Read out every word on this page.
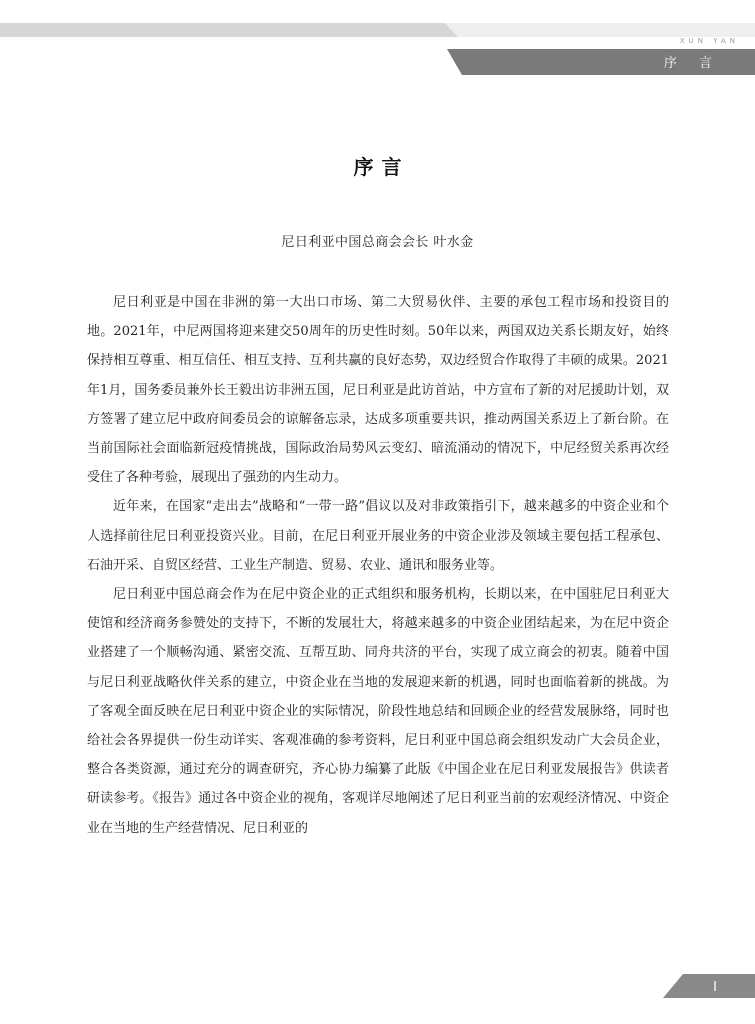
XUN YAN
序 言
序言
尼日利亚中国总商会会长 叶水金

尼日利亚是中国在非洲的第一大出口市场、第二大贸易伙伴、主要的承包工程市场和投资目的地。2021年，中尼两国将迎来建交50周年的历史性时刻。50年以来，两国双边关系长期友好，始终保持相互尊重、相互信任、相互支持、互利共赢的良好态势，双边经贸合作取得了丰硕的成果。2021年1月，国务委员兼外长王毅出访非洲五国，尼日利亚是此访首站，中方宣布了新的对尼援助计划，双方签署了建立尼中政府间委员会的谅解备忘录，达成多项重要共识，推动两国关系迈上了新台阶。在当前国际社会面临新冠疫情挑战，国际政治局势风云变幻、暗流涌动的情况下，中尼经贸关系再次经受住了各种考验，展现出了强劲的内生动力。

近年来，在国家“走出去”战略和“一带一路”倡议以及对非政策指引下，越来越多的中资企业和个人选择前往尼日利亚投资兴业。目前，在尼日利亚开展业务的中资企业涉及领域主要包括工程承包、石油开采、自贸区经营、工业生产制造、贸易、农业、通讯和服务业等。

尼日利亚中国总商会作为在尼中资企业的正式组织和服务机构，长期以来，在中国驻尼日利亚大使馆和经济商务参赞处的支持下，不断的发展壮大，将越来越多的中资企业团结起来，为在尼中资企业搭建了一个顺畅沟通、紧密交流、互帮互助、同舟共济的平台，实现了成立商会的初衷。随着中国与尼日利亚战略伙伴关系的建立，中资企业在当地的发展迎来新的机遇，同时也面临着新的挑战。为了客观全面反映在尼日利亚中资企业的实际情况，阶段性地总结和回顾企业的经营发展脉络，同时也给社会各界提供一份生动详实、客观准确的参考资料，尼日利亚中国总商会组织发动广大会员企业，整合各类资源，通过充分的调查研究，齐心协力编纂了此版《中国企业在尼日利亚发展报告》供读者研读参考。《报告》通过各中资企业的视角，客观详尽地阐述了尼日利亚当前的宏观经济情况、中资企业在当地的生产经营情况、尼日利亚的

I
